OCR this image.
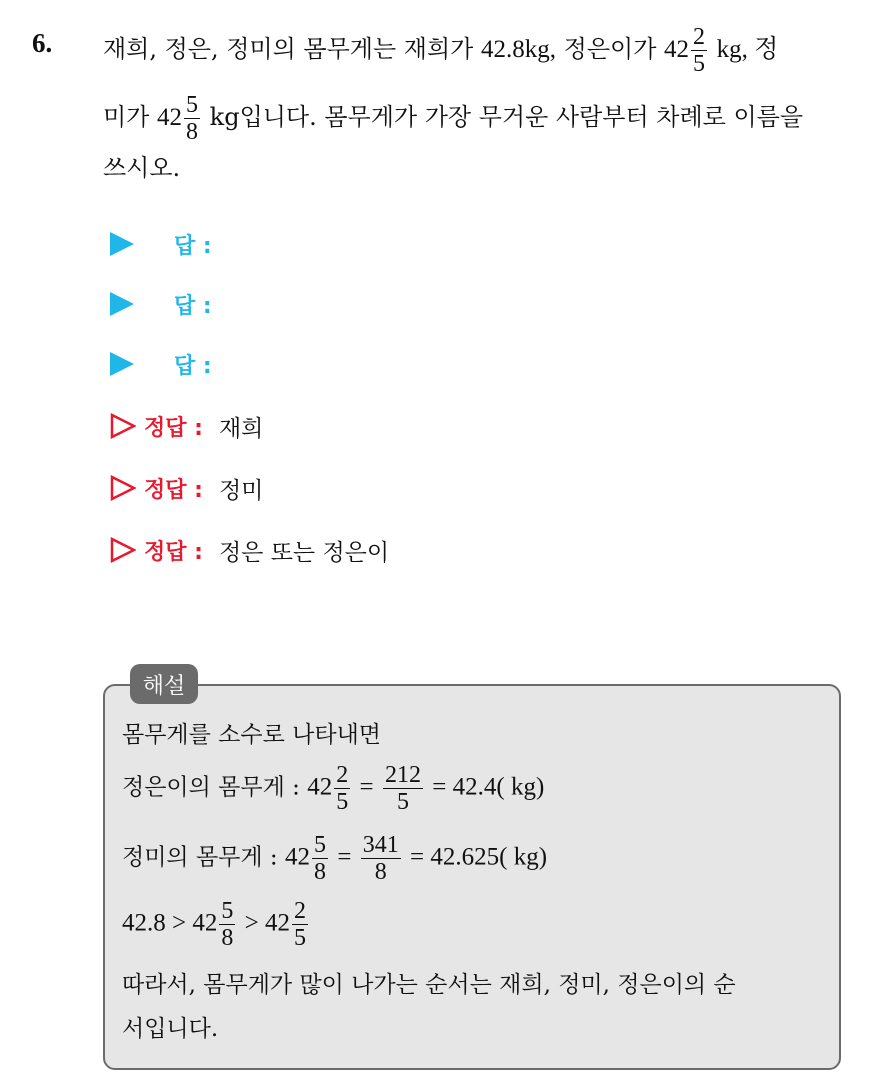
6. 재희, 정은, 정미의 몸무게는 재희가 42.8kg, 정은이가 $42 \frac{2}{5}$ kg, 정
미가 $42 \frac{5}{8}$ kg입니다. 몸무게가 가장 무거운 사람부터 차례로 이름을
쓰시오.
답 :
답 :
답 :
정답 : 재희
정답 : 정미
정답 : 정은 또는 정은이
해설
몸무게를 소수로 나타내면
정은이의 몸무게 : $42 \frac{2}{5} = \frac{212}{5} = 42.4$( kg)
정미의 몸무게 : $42 \frac{5}{8} = \frac{341}{8} = 42.625$( kg)
$42.8 > 42 \frac{5}{8} > 42 \frac{2}{5}$
따라서, 몸무게가 많이 나가는 순서는 재희, 정미, 정은이의 순
서입니다.
